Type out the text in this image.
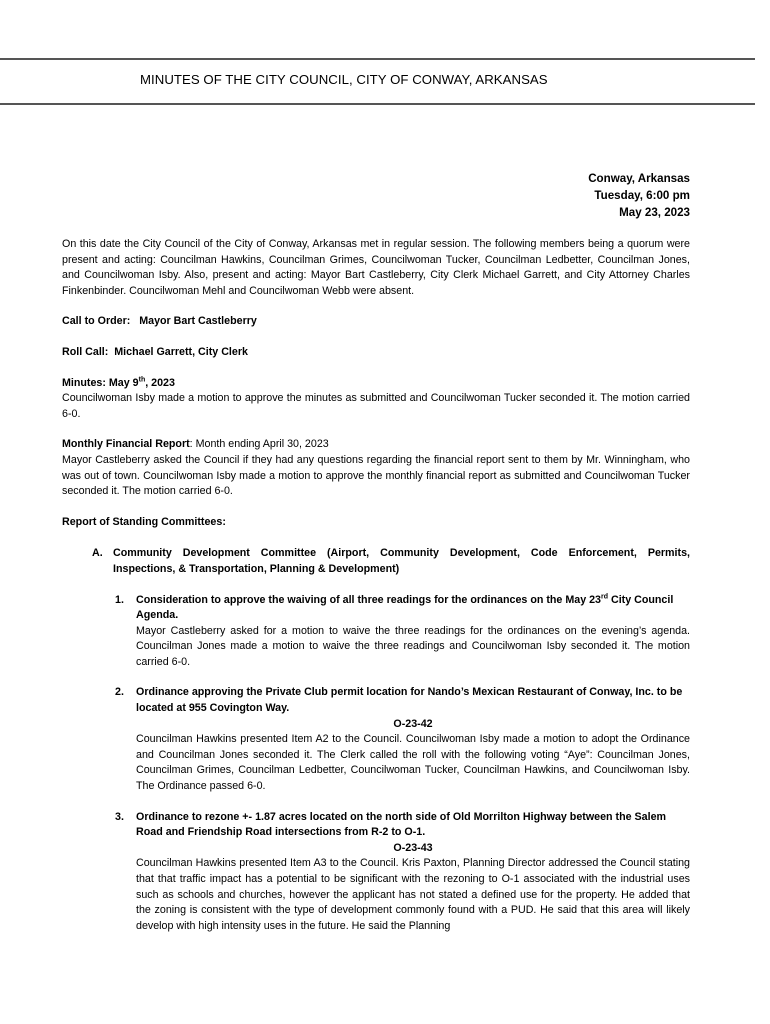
MINUTES OF THE CITY COUNCIL, CITY OF CONWAY, ARKANSAS
Conway, Arkansas
Tuesday, 6:00 pm
May 23, 2023

On this date the City Council of the City of Conway, Arkansas met in regular session. The following members being a quorum were present and acting: Councilman Hawkins, Councilman Grimes, Councilwoman Tucker, Councilman Ledbetter, Councilman Jones, and Councilwoman Isby. Also, present and acting: Mayor Bart Castleberry, City Clerk Michael Garrett, and City Attorney Charles Finkenbinder. Councilwoman Mehl and Councilwoman Webb were absent.

Call to Order: Mayor Bart Castleberry

Roll Call: Michael Garrett, City Clerk

Minutes: May 9th, 2023

Councilwoman Isby made a motion to approve the minutes as submitted and Councilwoman Tucker seconded it. The motion carried 6-0.

Monthly Financial Report: Month ending April 30, 2023

Mayor Castleberry asked the Council if they had any questions regarding the financial report sent to them by Mr. Winningham, who was out of town. Councilwoman Isby made a motion to approve the monthly financial report as submitted and Councilwoman Tucker seconded it. The motion carried 6-0.

Report of Standing Committees:

A. Community Development Committee (Airport, Community Development, Code Enforcement, Permits, Inspections, & Transportation, Planning & Development)
1. Consideration to approve the waiving of all three readings for the ordinances on the May 23rd City Council Agenda.

Mayor Castleberry asked for a motion to waive the three readings for the ordinances on the evening’s agenda. Councilman Jones made a motion to waive the three readings and Councilwoman Isby seconded it. The motion carried 6-0.

2. Ordinance approving the Private Club permit location for Nando’s Mexican Restaurant of Conway, Inc. to be located at 955 Covington Way.

O-23-42

Councilman Hawkins presented Item A2 to the Council. Councilwoman Isby made a motion to adopt the Ordinance and Councilman Jones seconded it. The Clerk called the roll with the following voting “Aye”: Councilman Jones, Councilman Grimes, Councilman Ledbetter, Councilwoman Tucker, Councilman Hawkins, and Councilwoman Isby. The Ordinance passed 6-0.

3. Ordinance to rezone +- 1.87 acres located on the north side of Old Morrilton Highway between the Salem Road and Friendship Road intersections from R-2 to O-1.

O-23-43

Councilman Hawkins presented Item A3 to the Council. Kris Paxton, Planning Director addressed the Council stating that that traffic impact has a potential to be significant with the rezoning to O-1 associated with the industrial uses such as schools and churches, however the applicant has not stated a defined use for the property. He added that the zoning is consistent with the type of development commonly found with a PUD. He said that this area will likely develop with high intensity uses in the future. He said the Planning
